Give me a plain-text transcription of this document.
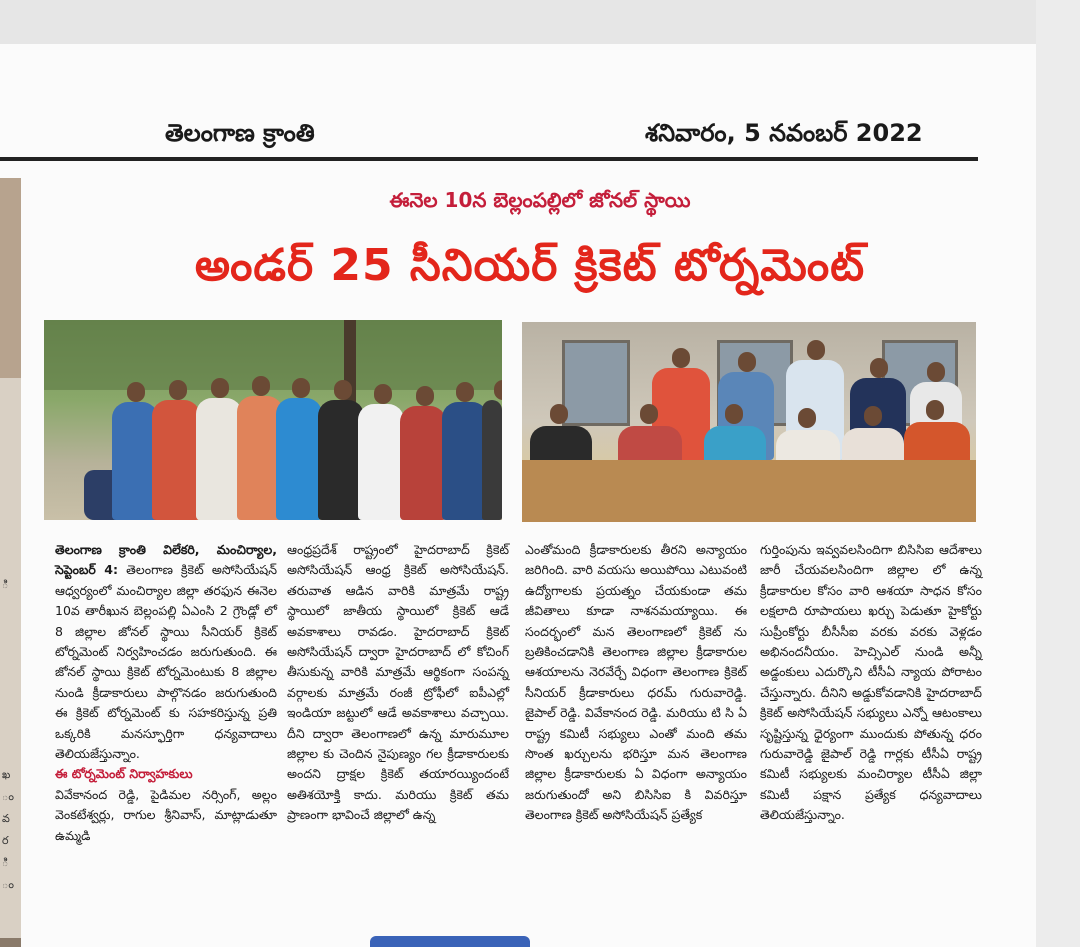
తెలంగాణ క్రాంతి	శనివారం, 5 నవంబర్ 2022
ి
ఖ
ం
వ
ర
ి
ం
ఈనెల 10న బెల్లంపల్లిలో జోనల్ స్థాయి
అండర్ 25 సీనియర్ క్రికెట్ టోర్నమెంట్

తెలంగాణ క్రాంతి విలేకరి, మంచిర్యాల, సెప్టెంబర్ 4: తెలంగాణ క్రికెట్ అసోసియేషన్ ఆధ్వర్యంలో మంచిర్యాల జిల్లా తరఫున ఈనెల 10వ తారీఖున బెల్లంపల్లి ఏఎంసి 2 గ్రౌండ్లో లో 8 జిల్లాల జోనల్ స్థాయి సీనియర్ క్రికెట్ టోర్నమెంట్ నిర్వహించడం జరుగుతుంది. ఈ జోనల్ స్థాయి క్రికెట్ టోర్నమెంటుకు 8 జిల్లాల నుండి క్రీడాకారులు పాల్గొనడం జరుగుతుంది ఈ క్రికెట్ టోర్నమెంట్ కు సహకరిస్తున్న ప్రతి ఒక్కరికి మనస్ఫూర్తిగా ధన్యవాదాలు తెలియజేస్తున్నాం.

ఈ టోర్నమెంట్ నిర్వాహకులు

వివేకానంద రెడ్డి, పైడిమల నర్సింగ్, అల్లం వెంకటేశ్వర్లు, రాగుల శ్రీనివాస్, మాట్లాడుతూ ఉమ్మడి

ఆంధ్రప్రదేశ్ రాష్ట్రంలో హైదరాబాద్ క్రికెట్ అసోసియేషన్ ఆంధ్ర క్రికెట్ అసోసియేషన్. తరువాత ఆడిన వారికి మాత్రమే రాష్ట్ర స్థాయిలో జాతీయ స్థాయిలో క్రికెట్ ఆడే అవకాశాలు రావడం. హైదరాబాద్ క్రికెట్ అసోసియేషన్ ద్వారా హైదరాబాద్ లో కోచింగ్ తీసుకున్న వారికి మాత్రమే ఆర్థికంగా సంపన్న వర్గాలకు మాత్రమే రంజీ ట్రోఫీలో ఐపీఎల్లో ఇండియా జట్టులో ఆడే అవకాశాలు వచ్చాయి. దీని ద్వారా తెలంగాణలో ఉన్న మారుమూల జిల్లాల కు చెందిన నైపుణ్యం గల క్రీడాకారులకు అందని ద్రాక్షల క్రికెట్ తయారయ్యిందంటే అతిశయోక్తి కాదు. మరియు క్రికెట్ తమ ప్రాణంగా భావించే జిల్లాలో ఉన్న

ఎంతోమంది క్రీడాకారులకు తీరని అన్యాయం జరిగింది. వారి వయసు అయిపోయి ఎటువంటి ఉద్యోగాలకు ప్రయత్నం చేయకుండా తమ జీవితాలు కూడా నాశనమయ్యాయి. ఈ సందర్భంలో మన తెలంగాణలో క్రికెట్ ను బ్రతికించడానికి తెలంగాణ జిల్లాల క్రీడాకారుల ఆశయాలను నెరవేర్చే విధంగా తెలంగాణ క్రికెట్ సీనియర్ క్రీడాకారులు ధరమ్ గురువారెడ్డి. జైపాల్ రెడ్డి. వివేకానంద రెడ్డి. మరియు టి సి ఏ రాష్ట్ర కమిటీ సభ్యులు ఎంతో మంది తమ సొంత ఖర్చులను భరిస్తూ మన తెలంగాణ జిల్లాల క్రీడాకారులకు ఏ విధంగా అన్యాయం జరుగుతుందో అని బిసిసిఐ కి వివరిస్తూ తెలంగాణ క్రికెట్ అసోసియేషన్ ప్రత్యేక

గుర్తింపును ఇవ్వవలసిందిగా బిసిసిఐ ఆదేశాలు జారీ చేయవలసిందిగా జిల్లాల లో ఉన్న క్రీడాకారుల కోసం వారి ఆశయా సాధన కోసం లక్షలాది రూపాయలు ఖర్చు పెడుతూ హైకోర్టు సుప్రీంకోర్టు బీసీసీఐ వరకు వరకు వెళ్లడం అభినందనీయం. హెచ్సిఎల్ నుండి అన్నీ అడ్డంకులు ఎదుర్కొని టీసీఏ న్యాయ పోరాటం చేస్తున్నారు. దీనిని అడ్డుకోవడానికి హైదరాబాద్ క్రికెట్ అసోసియేషన్ సభ్యులు ఎన్నో ఆటంకాలు సృష్టిస్తున్న ధైర్యంగా ముందుకు పోతున్న ధరం గురువారెడ్డి జైపాల్ రెడ్డి గార్లకు టీసీఏ రాష్ట్ర కమిటీ సభ్యులకు మంచిర్యాల టీసీఏ జిల్లా కమిటీ పక్షాన ప్రత్యేక ధన్యవాదాలు తెలియజేస్తున్నాం.
